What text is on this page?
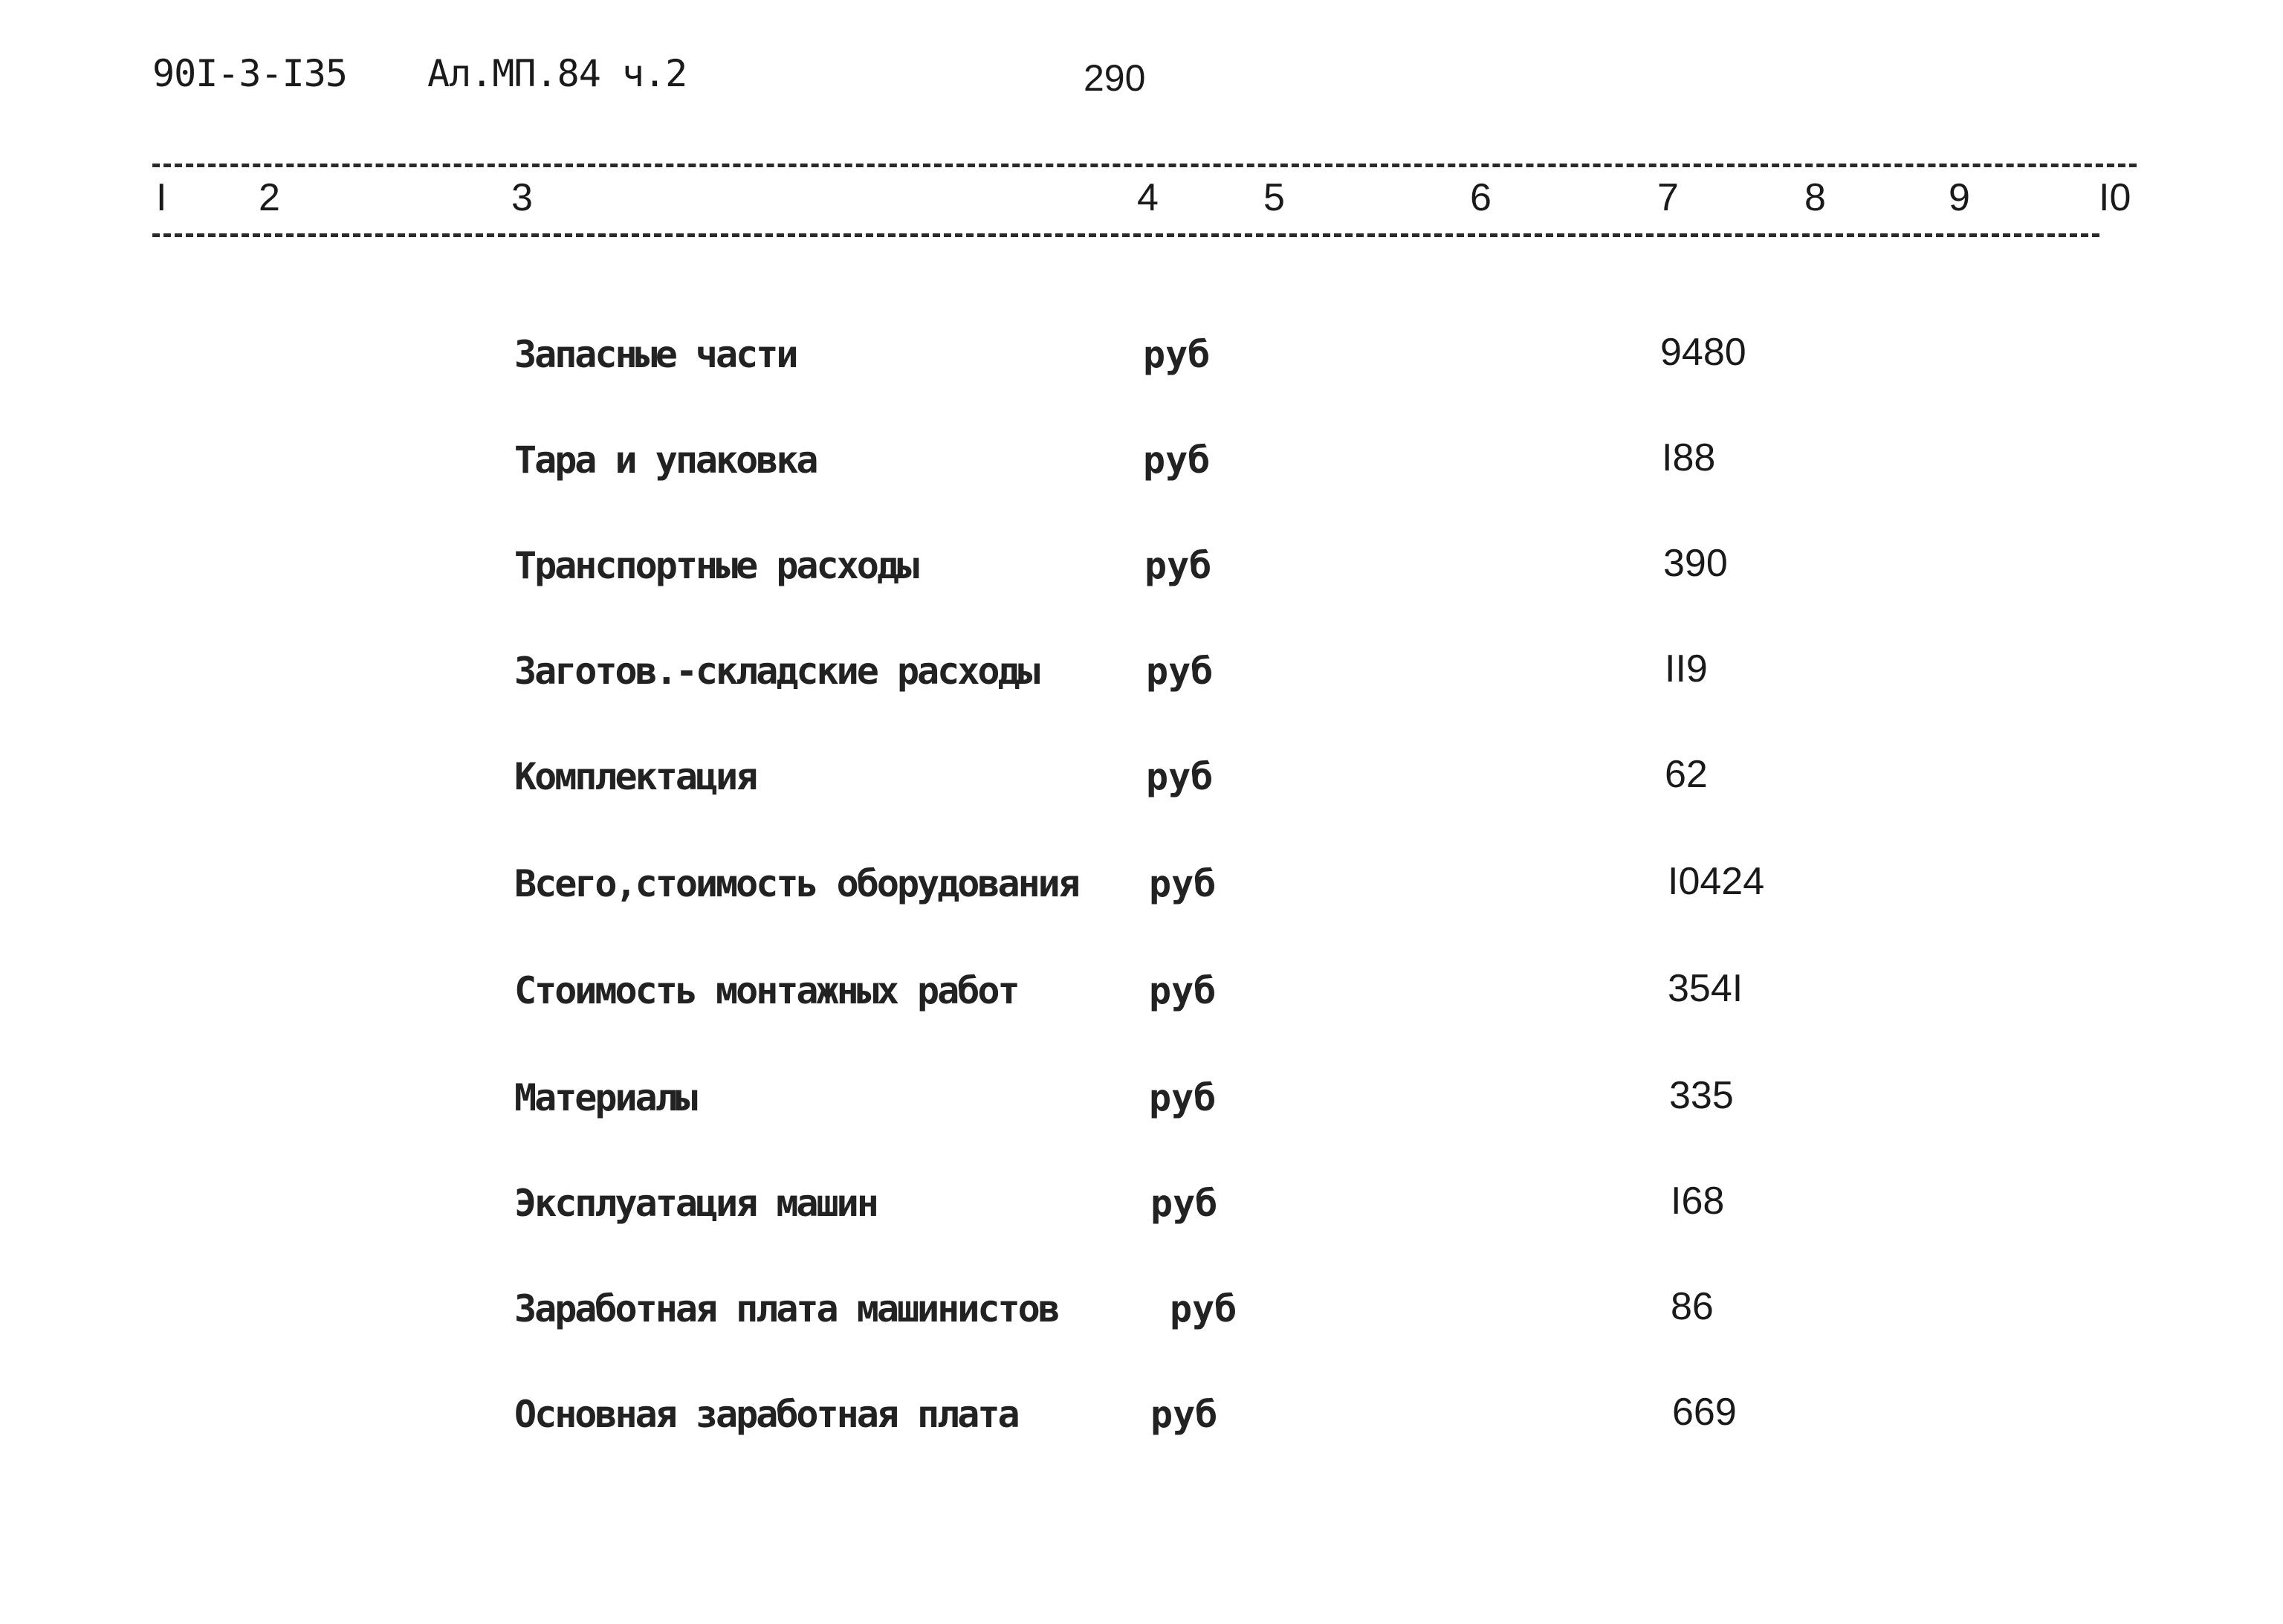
90I-3-I35 Ал.МП.84 ч.2	290
I 2	3	4	5	6	7	8	9	I0
Запасные части	руб	9480
Тара и упаковка	руб	I88
Транспортные расходы	руб	390
Заготов.-складские расходы	руб	II9
Комплектация	руб	62
Всего,стоимость оборудования руб	I0424
Стоимость монтажных работ	руб	354I
Материалы	руб	335
Эксплуатация машин	руб	I68
Заработная плата машинистов	руб	86
Основная заработная плата	руб	669
